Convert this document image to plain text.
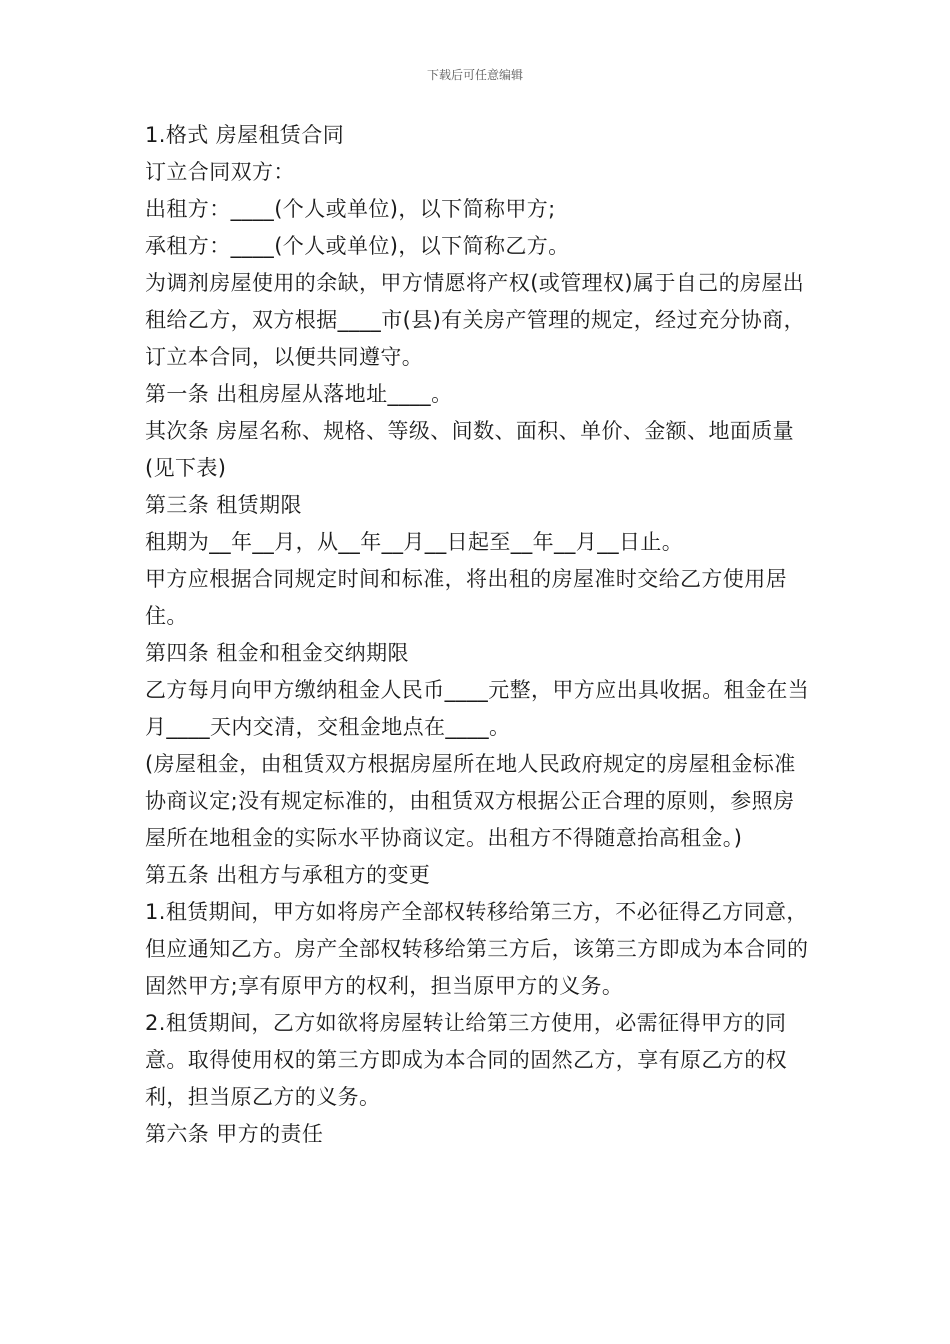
下载后可任意编辑
1.格式 房屋租赁合同
订立合同双方：
出租方：____(个人或单位)，以下简称甲方;
承租方：____(个人或单位)，以下简称乙方。
为调剂房屋使用的余缺，甲方情愿将产权(或管理权)属于自己的房屋出租给乙方，双方根据____市(县)有关房产管理的规定，经过充分协商，订立本合同，以便共同遵守。
第一条 出租房屋从落地址____。
其次条 房屋名称、规格、等级、间数、面积、单价、金额、地面质量(见下表)
第三条 租赁期限
租期为__年__月，从__年__月__日起至__年__月__日止。
甲方应根据合同规定时间和标准，将出租的房屋准时交给乙方使用居住。
第四条 租金和租金交纳期限
乙方每月向甲方缴纳租金人民币____元整，甲方应出具收据。租金在当月____天内交清，交租金地点在____。
(房屋租金，由租赁双方根据房屋所在地人民政府规定的房屋租金标准协商议定;没有规定标准的，由租赁双方根据公正合理的原则，参照房屋所在地租金的实际水平协商议定。出租方不得随意抬高租金。)
第五条 出租方与承租方的变更
1.租赁期间，甲方如将房产全部权转移给第三方，不必征得乙方同意，但应通知乙方。房产全部权转移给第三方后，该第三方即成为本合同的固然甲方;享有原甲方的权利，担当原甲方的义务。
2.租赁期间，乙方如欲将房屋转让给第三方使用，必需征得甲方的同意。取得使用权的第三方即成为本合同的固然乙方，享有原乙方的权利，担当原乙方的义务。
第六条 甲方的责任
